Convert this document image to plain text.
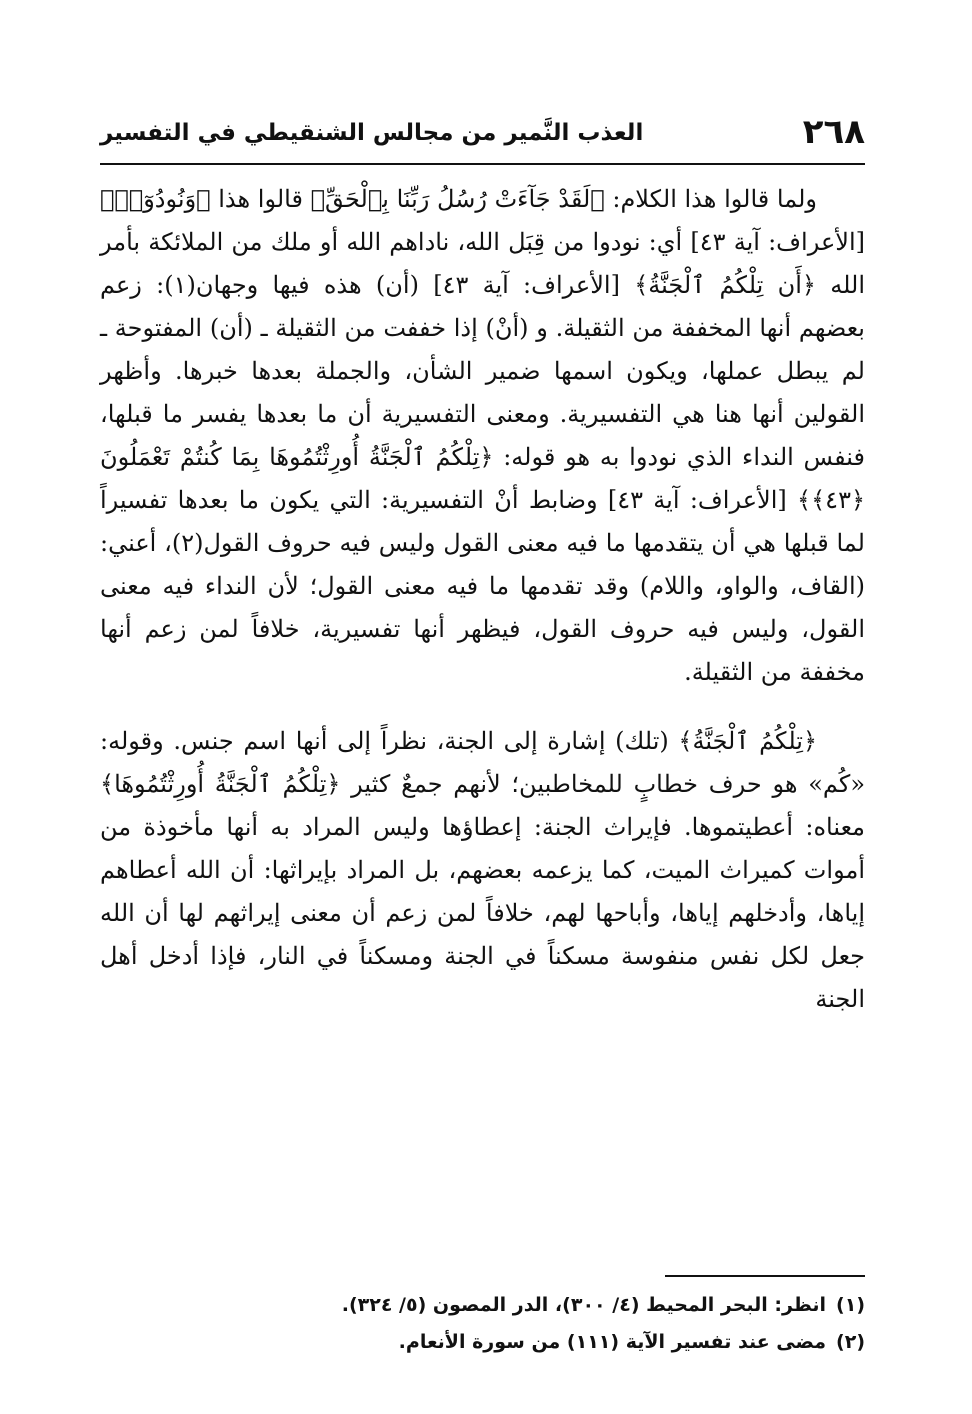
٢٦٨
العذب النَّمير من مجالس الشنقيطي في التفسير

ولما قالوا هذا الكلام: ﴿لَقَدْ جَآءَتْ رُسُلُ رَبِّنَا بِٱلْحَقِّ﴾ قالوا هذا ﴿وَنُودُوٓا۟﴾ [الأعراف: آية ٤٣] أي: نودوا من قِبَل الله، ناداهم الله أو ملك من الملائكة بأمر الله ﴿أَن تِلْكُمُ ٱلْجَنَّةُ﴾ [الأعراف: آية ٤٣] (أن) هذه فيها وجهان(١): زعم بعضهم أنها المخففة من الثقيلة. و (أنْ) إذا خففت من الثقيلة ـ (أن) المفتوحة ـ لم يبطل عملها، ويكون اسمها ضمير الشأن، والجملة بعدها خبرها. وأظهر القولين أنها هنا هي التفسيرية. ومعنى التفسيرية أن ما بعدها يفسر ما قبلها، فنفس النداء الذي نودوا به هو قوله: ﴿تِلْكُمُ ٱلْجَنَّةُ أُورِثْتُمُوهَا بِمَا كُنتُمْ تَعْمَلُونَ ﴿٤٣﴾﴾ [الأعراف: آية ٤٣] وضابط أنْ التفسيرية: التي يكون ما بعدها تفسيراً لما قبلها هي أن يتقدمها ما فيه معنى القول وليس فيه حروف القول(٢)، أعني: (القاف، والواو، واللام) وقد تقدمها ما فيه معنى القول؛ لأن النداء فيه معنى القول، وليس فيه حروف القول، فيظهر أنها تفسيرية، خلافاً لمن زعم أنها مخففة من الثقيلة.

﴿تِلْكُمُ ٱلْجَنَّةُ﴾ (تلك) إشارة إلى الجنة، نظراً إلى أنها اسم جنس. وقوله: «كُم» هو حرف خطابٍ للمخاطبين؛ لأنهم جمعٌ كثير ﴿تِلْكُمُ ٱلْجَنَّةُ أُورِثْتُمُوهَا﴾ معناه: أعطيتموها. فإيراث الجنة: إعطاؤها وليس المراد به أنها مأخوذة من أموات كميراث الميت، كما يزعمه بعضهم، بل المراد بإيراثها: أن الله أعطاهم إياها، وأدخلهم إياها، وأباحها لهم، خلافاً لمن زعم أن معنى إيراثهم لها أن الله جعل لكل نفس منفوسة مسكناً في الجنة ومسكناً في النار، فإذا أدخل أهل الجنة

(١)انظر: البحر المحيط (٤/ ٣٠٠)، الدر المصون (٥/ ٣٢٤).

(٢)مضى عند تفسير الآية (١١١) من سورة الأنعام.
